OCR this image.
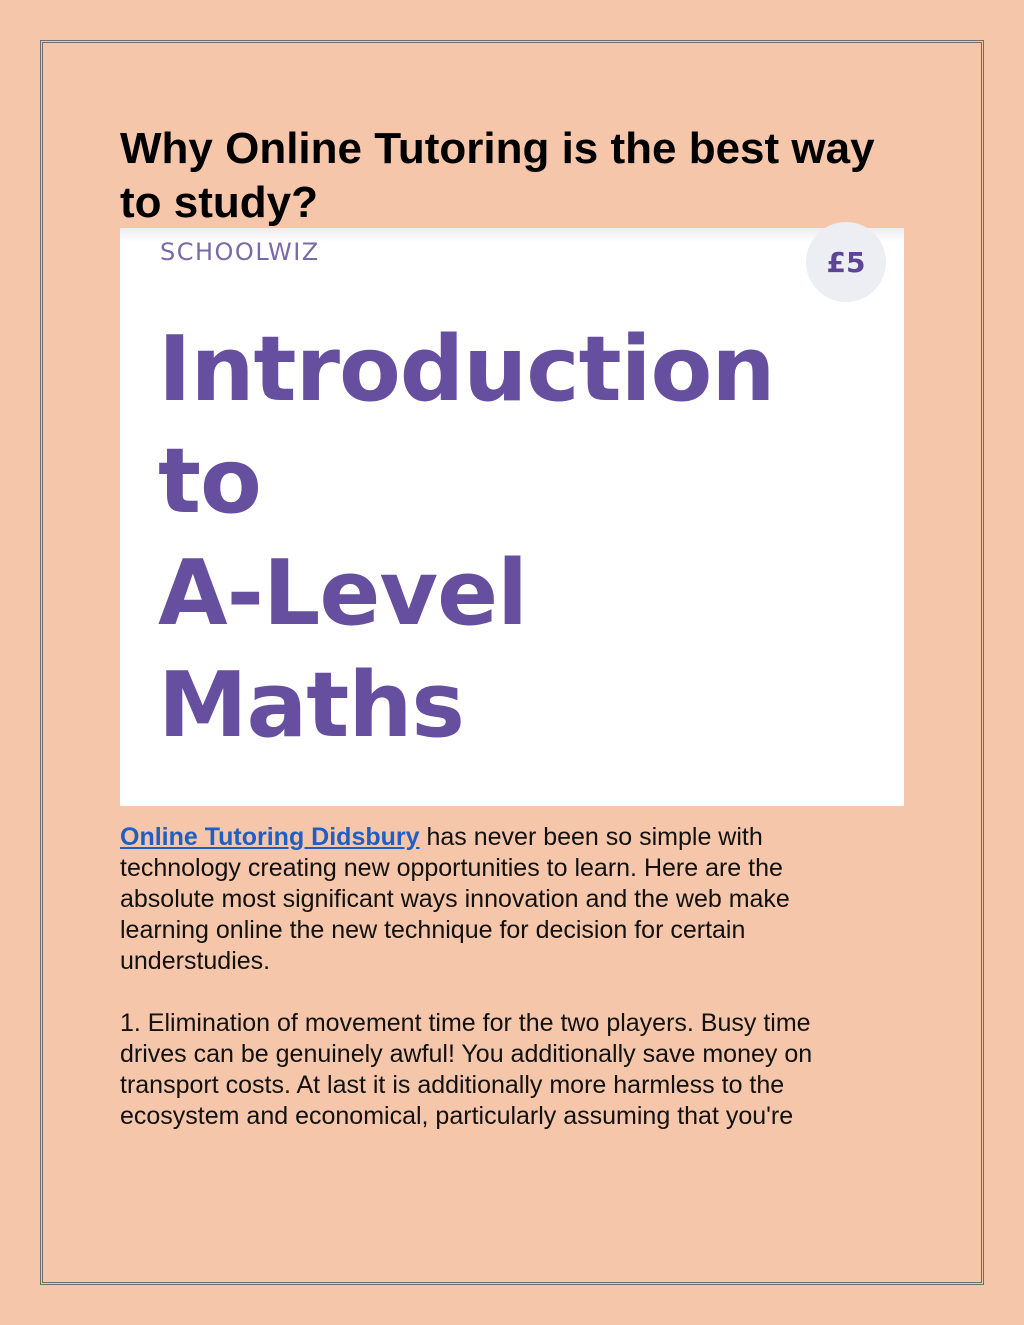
Why Online Tutoring is the best way to study?
SCHOOLWIZ
Introduction
to
A-Level
Maths
£5

Online Tutoring Didsbury has never been so simple with technology creating new opportunities to learn. Here are the absolute most significant ways innovation and the web make learning online the new technique for decision for certain understudies.

1. Elimination of movement time for the two players. Busy time drives can be genuinely awful! You additionally save money on transport costs. At last it is additionally more harmless to the ecosystem and economical, particularly assuming that you're
